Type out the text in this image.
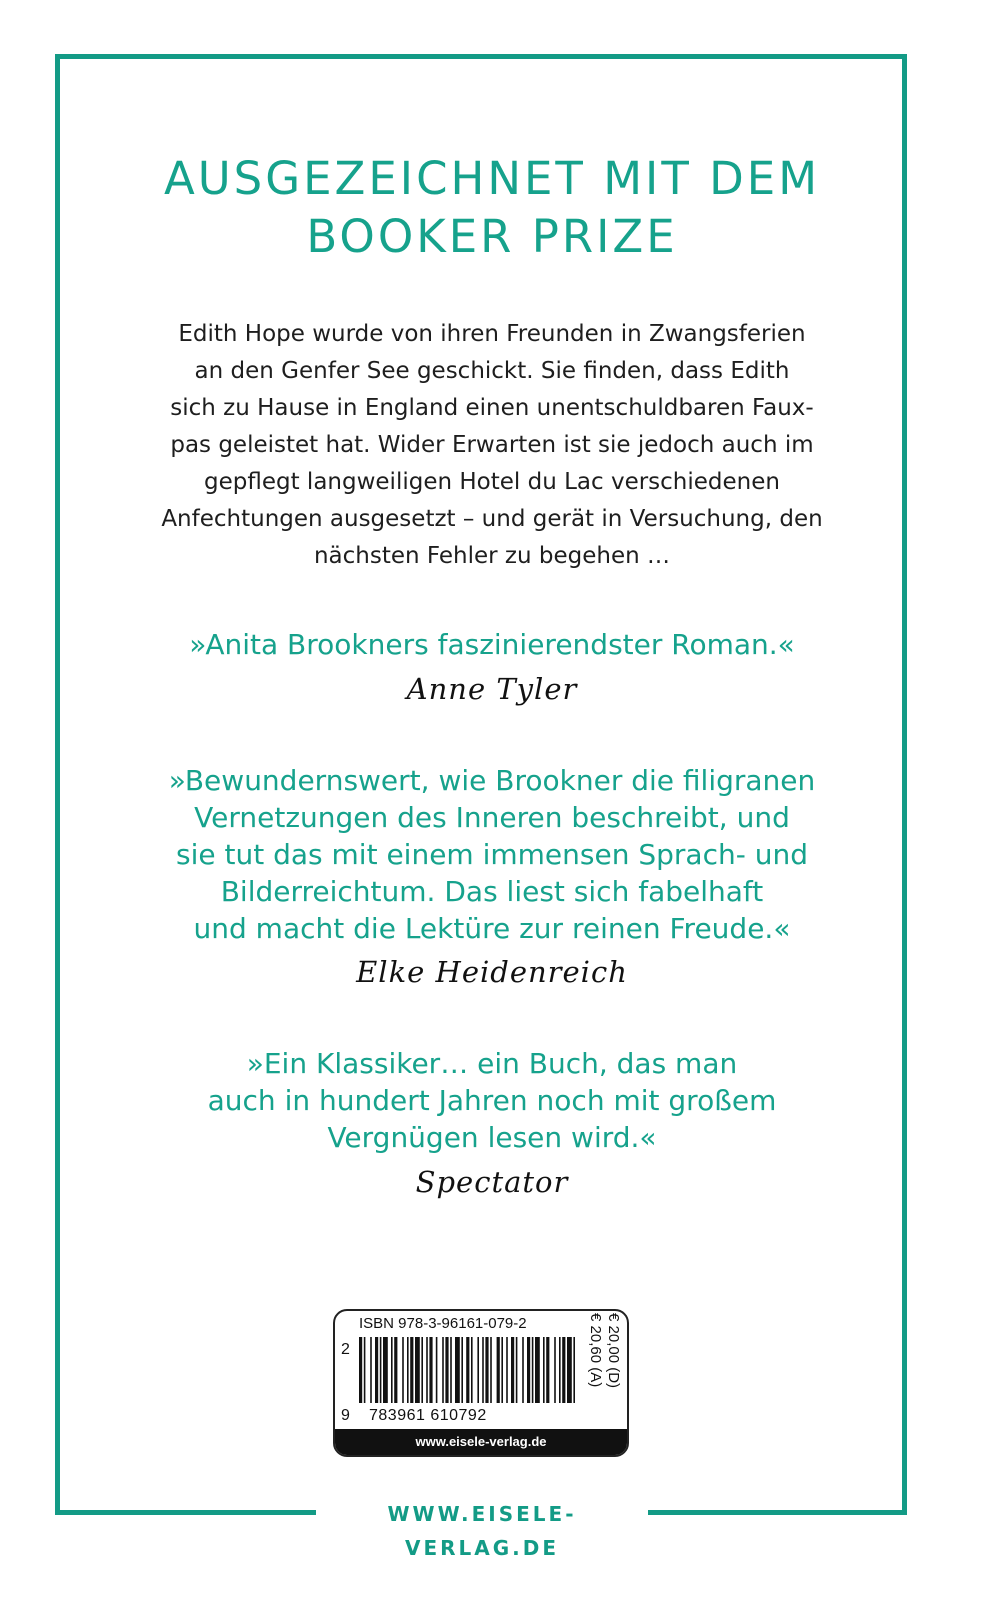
AUSGEZEICHNET MIT DEM
BOOKER PRIZE
Edith Hope wurde von ihren Freunden in Zwangsferien
an den Genfer See geschickt. Sie finden, dass Edith
sich zu Hause in England einen unentschuldbaren Faux-
pas geleistet hat. Wider Erwarten ist sie jedoch auch im
gepflegt langweiligen Hotel du Lac verschiedenen
Anfechtungen ausgesetzt – und gerät in Versuchung, den
nächsten Fehler zu begehen …
»Anita Brookners faszinierendster Roman.«
Anne Tyler
»Bewundernswert, wie Brookner die filigranen
Vernetzungen des Inneren beschreibt, und
sie tut das mit einem immensen Sprach- und
Bilderreichtum. Das liest sich fabelhaft
und macht die Lektüre zur reinen Freude.«
Elke Heidenreich
»Ein Klassiker… ein Buch, das man
auch in hundert Jahren noch mit großem
Vergnügen lesen wird.«
Spectator
ISBN 978-3-96161-079-2
2
9 783961 610792
€ 20,00 (D)
€ 20,60 (A)
www.eisele-verlag.de
WWW.EISELE-VERLAG.DE
